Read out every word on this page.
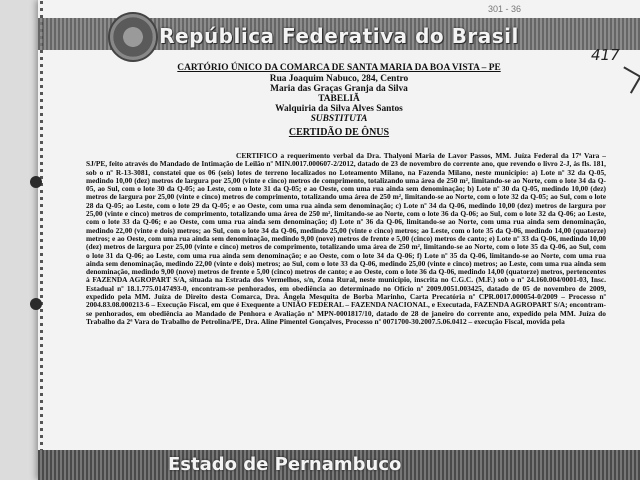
301 - 36
República Federativa do Brasil
417
CARTÓRIO ÚNICO DA COMARCA DE SANTA MARIA DA BOA VISTA – PE
Rua Joaquim Nabuco, 284, Centro
Maria das Graças Granja da Silva
TABELIÃ
Walquiria da Silva Alves Santos
SUBSTITUTA
CERTIDÃO DE ÔNUS

CERTIFICO a requerimento verbal da Dra. Thalyoni Maria de Lavor Passos, MM. Juíza Federal da 17ª Vara – SJ/PE, feito através do Mandado de Intimação de Leilão nº MIN.0017.000607-2/2012, datado de 23 de novembro do corrente ano, que revendo o livro 2-J, às fls. 181, sob o nº R-13-3081, constatei que os 06 (seis) lotes de terreno localizados no Loteamento Milano, na Fazenda Milano, neste município: a) Lote nº 32 da Q-05, medindo 10,00 (dez) metros de largura por 25,00 (vinte e cinco) metros de comprimento, totalizando uma área de 250 m², limitando-se ao Norte, com o lote 34 da Q-05, ao Sul, com o lote 30 da Q-05; ao Leste, com o lote 31 da Q-05; e ao Oeste, com uma rua ainda sem denominação; b) Lote nº 30 da Q-05, medindo 10,00 (dez) metros de largura por 25,00 (vinte e cinco) metros de comprimento, totalizando uma área de 250 m², limitando-se ao Norte, com o lote 32 da Q-05; ao Sul, com o lote 28 da Q-05; ao Leste, com o lote 29 da Q-05; e ao Oeste, com uma rua ainda sem denominação; c) Lote nº 34 da Q-06, medindo 10,00 (dez) metros de largura por 25,00 (vinte e cinco) metros de comprimento, totalizando uma área de 250 m², limitando-se ao Norte, com o lote 36 da Q-06; ao Sul, com o lote 32 da Q-06; ao Leste, com o lote 33 da Q-06; e ao Oeste, com uma rua ainda sem denominação; d) Lote nº 36 da Q-06, limitando-se ao Norte, com uma rua ainda sem denominação, medindo 22,00 (vinte e dois) metros; ao Sul, com o lote 34 da Q-06, medindo 25,00 (vinte e cinco) metros; ao Leste, com o lote 35 da Q-06, medindo 14,00 (quatorze) metros; e ao Oeste, com uma rua ainda sem denominação, medindo 9,00 (nove) metros de frente e 5,00 (cinco) metros de canto; e) Lote nº 33 da Q-06, medindo 10,00 (dez) metros de largura por 25,00 (vinte e cinco) metros de comprimento, totalizando uma área de 250 m², limitando-se ao Norte, com o lote 35 da Q-06, ao Sul, com o lote 31 da Q-06; ao Leste, com uma rua ainda sem denominação; e ao Oeste, com o lote 34 da Q-06; f) Lote nº 35 da Q-06, limitando-se ao Norte, com uma rua ainda sem denominação, medindo 22,00 (vinte e dois) metros; ao Sul, com o lote 33 da Q-06, medindo 25,00 (vinte e cinco) metros; ao Leste, com uma rua ainda sem denominação, medindo 9,00 (nove) metros de frente e 5,00 (cinco) metros de canto; e ao Oeste, com o lote 36 da Q-06, medindo 14,00 (quatorze) metros, pertencentes à FAZENDA AGROPART S/A, situada na Estrada dos Vermelhos, s/n, Zona Rural, neste município, inscrita no C.G.C. (M.F.) sob o nº 24.160.004/0001-03, Insc. Estadual nº 18.1.775.0147493-0, encontram-se penhorados, em obediência ao determinado no Ofício nº 2009.0051.003425, datado de 05 de novembro de 2009, expedido pela MM. Juíza de Direito desta Comarca, Dra. Ângela Mesquita de Borba Marinho, Carta Precatória nº CPR.0017.000054-0/2009 – Processo nº 2004.83.08.000213-6 – Execução Fiscal, em que é Exequente a UNIÃO FEDERAL – FAZENDA NACIONAL, e Executada, FAZENDA AGROPART S/A; encontram-se penhorados, em obediência ao Mandado de Penhora e Avaliação nº MPN-0001817/10, datado de 28 de janeiro do corrente ano, expedido pela MM. Juíza do Trabalho da 2ª Vara do Trabalho de Petrolina/PE, Dra. Aline Pimentel Gonçalves, Processo nº 0071700-30.2007.5.06.0412 – execução Fiscal, movida pela

Estado de Pernambuco
